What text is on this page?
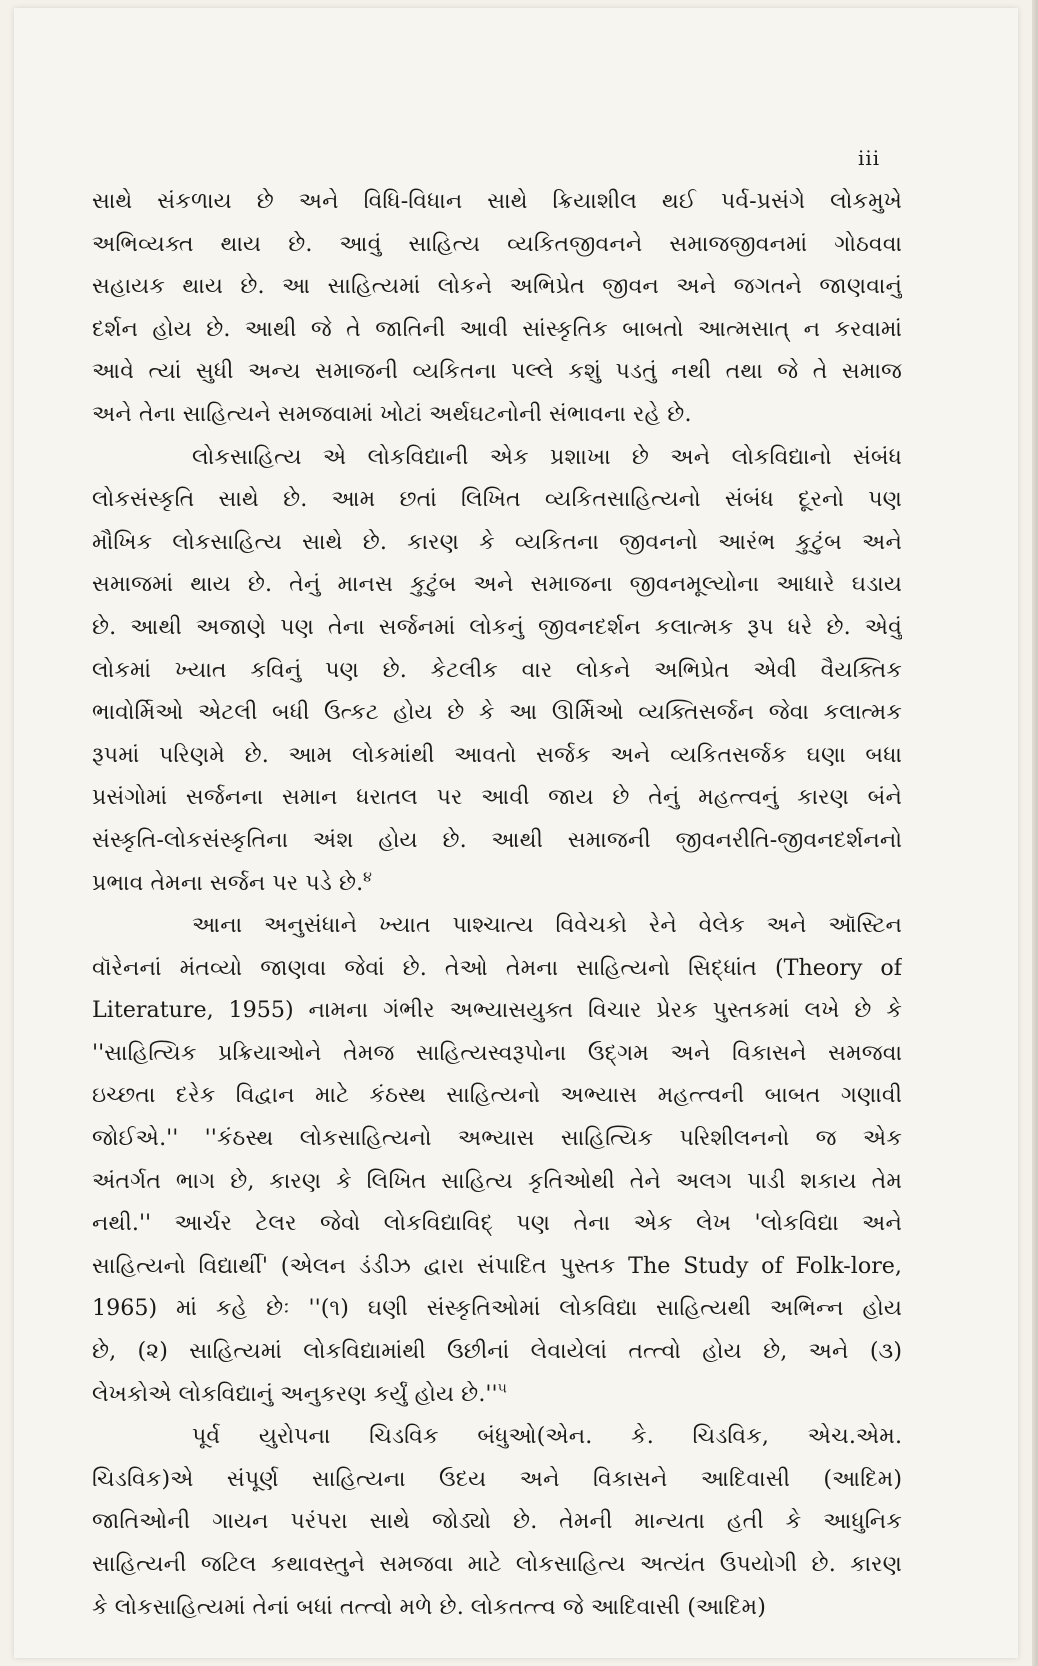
iii

સાથે સંકળાય છે અને વિધિ-વિધાન સાથે ક્રિયાશીલ થઈ પર્વ-પ્રસંગે લોકમુખે
અભિવ્યક્ત થાય છે. આવું સાહિત્ય વ્યકિતજીવનને સમાજજીવનમાં ગોઠવવા
સહાયક થાય છે. આ સાહિત્યમાં લોકને અભિપ્રેત જીવન અને જગતને જાણવાનું
દર્શન હોય છે. આથી જે તે જાતિની આવી સાંસ્કૃતિક બાબતો આત્મસાત્ ન કરવામાં
આવે ત્યાં સુધી અન્ય સમાજની વ્યકિતના પલ્લે કશું પડતું નથી તથા જે તે સમાજ
અને તેના સાહિત્યને સમજવામાં ખોટાં અર્થઘટનોની સંભાવના રહે છે.

લોકસાહિત્ય એ લોકવિદ્યાની એક પ્રશાખા છે અને લોકવિદ્યાનો સંબંધ
લોકસંસ્કૃતિ સાથે છે. આમ છતાં લિખિત વ્યકિતસાહિત્યનો સંબંધ દૂરનો પણ
મૌખિક લોકસાહિત્ય સાથે છે. કારણ કે વ્યકિતના જીવનનો આરંભ કુટુંબ અને
સમાજમાં થાય છે. તેનું માનસ કુટુંબ અને સમાજના જીવનમૂલ્યોના આધારે ઘડાય
છે. આથી અજાણે પણ તેના સર્જનમાં લોકનું જીવનદર્શન કલાત્મક રૂપ ધરે છે. એવું
લોકમાં ખ્યાત કવિનું પણ છે. કેટલીક વાર લોકને અભિપ્રેત એવી વૈયક્તિક
ભાવોર્મિઓ એટલી બધી ઉત્કટ હોય છે કે આ ઊર્મિઓ વ્યક્તિસર્જન જેવા કલાત્મક
રૂપમાં પરિણમે છે. આમ લોકમાંથી આવતો સર્જક અને વ્યકિતસર્જક ઘણા બધા
પ્રસંગોમાં સર્જનના સમાન ધરાતલ પર આવી જાય છે તેનું મહત્ત્વનું કારણ બંને
સંસ્કૃતિ-લોકસંસ્કૃતિના અંશ હોય છે. આથી સમાજની જીવનરીતિ-જીવનદર્શનનો
પ્રભાવ તેમના સર્જન પર પડે છે.$^૪$

આના અનુસંધાને ખ્યાત પાશ્ચાત્ય વિવેચકો રેને વેલેક અને ઑસ્ટિન
વૉરેનનાં મંતવ્યો જાણવા જેવાં છે. તેઓ તેમના સાહિત્યનો સિદ્ધાંત (Theory of
Literature, 1955) નામના ગંભીર અભ્યાસયુક્ત વિચાર પ્રેરક પુસ્તકમાં લખે છે કે
''સાહિત્યિક પ્રક્રિયાઓને તેમજ સાહિત્યસ્વરૂપોના ઉદ્ગમ અને વિકાસને સમજવા
ઇચ્છતા દરેક વિદ્વાન માટે કંઠસ્થ સાહિત્યનો અભ્યાસ મહત્ત્વની બાબત ગણાવી
જોઈએ.'' ''કંઠસ્થ લોકસાહિત્યનો અભ્યાસ સાહિત્યિક પરિશીલનનો જ એક
અંતર્ગત ભાગ છે, કારણ કે લિખિત સાહિત્ય કૃતિઓથી તેને અલગ પાડી શકાય તેમ
નથી.'' આર્ચર ટેલર જેવો લોકવિદ્યાવિદ્ પણ તેના એક લેખ 'લોકવિદ્યા અને
સાહિત્યનો વિદ્યાર્થી' (એલન ડંડીઝ દ્વારા સંપાદિત પુસ્તક The Study of Folk-lore,
1965) માં કહે છેઃ ''(૧) ઘણી સંસ્કૃતિઓમાં લોકવિદ્યા સાહિત્યથી અભિન્ન હોય
છે, (૨) સાહિત્યમાં લોકવિદ્યામાંથી ઉછીનાં લેવાયેલાં તત્ત્વો હોય છે, અને (૩)
લેખકોએ લોકવિદ્યાનું અનુકરણ કર્યું હોય છે.''$^૫$

પૂર્વ યુરોપના ચિડવિક બંધુઓ(એન. કે. ચિડવિક, એચ.એમ.
ચિડવિક)એ સંપૂર્ણ સાહિત્યના ઉદય અને વિકાસને આદિવાસી (આદિમ)
જાતિઓની ગાયન પરંપરા સાથે જોડ્યો છે. તેમની માન્યતા હતી કે આધુનિક
સાહિત્યની જટિલ કથાવસ્તુને સમજવા માટે લોકસાહિત્ય અત્યંત ઉપયોગી છે. કારણ
કે લોકસાહિત્યમાં તેનાં બધાં તત્ત્વો મળે છે. લોકતત્ત્વ જે આદિવાસી (આદિમ)
